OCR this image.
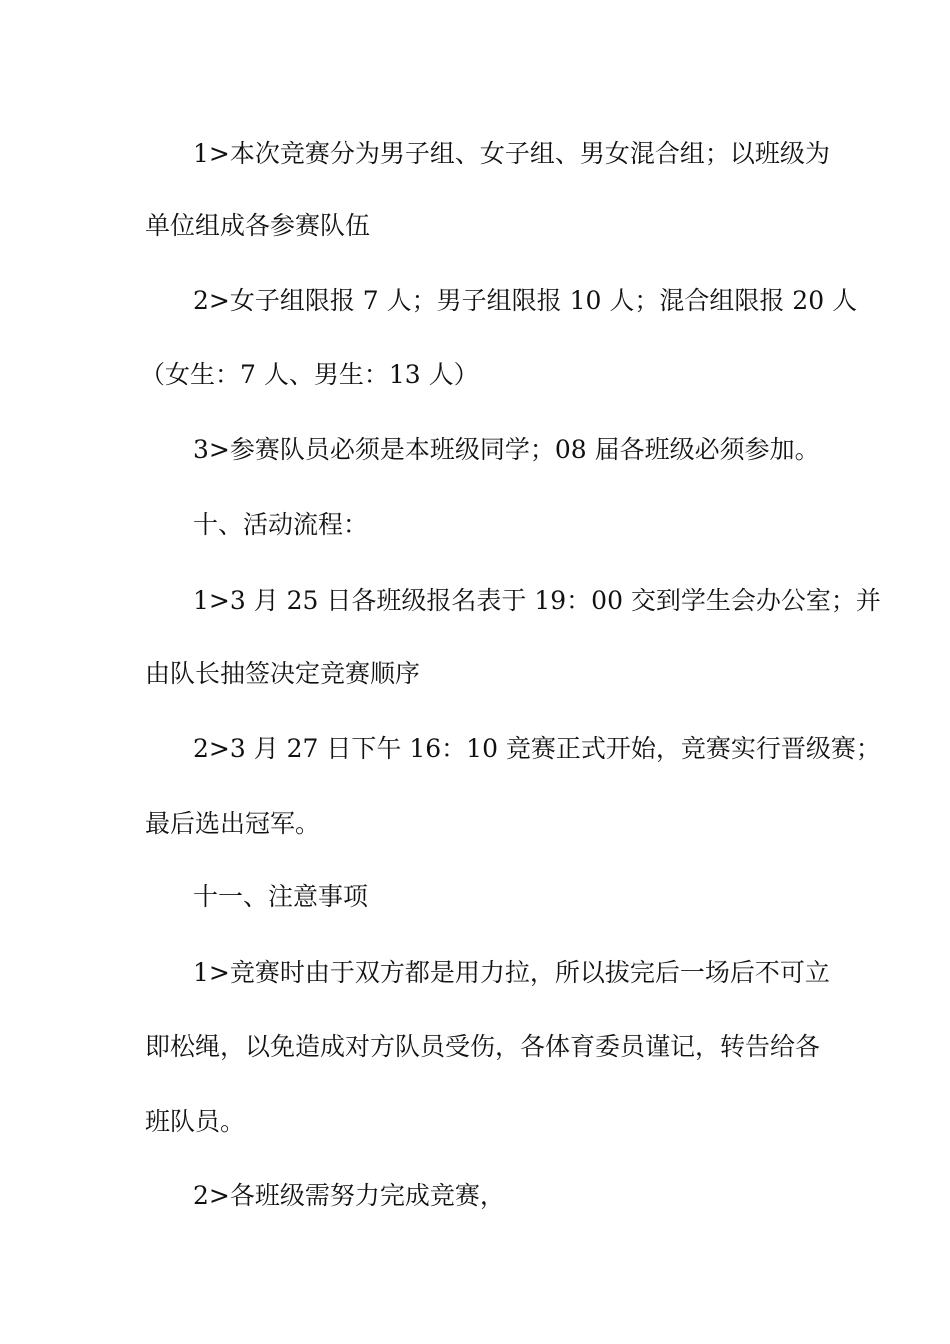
1>本次竞赛分为男子组、女子组、男女混合组；以班级为
单位组成各参赛队伍
2>女子组限报 7 人；男子组限报 10 人；混合组限报 20 人
（女生：7 人、男生：13 人）
3>参赛队员必须是本班级同学；08 届各班级必须参加。
十、活动流程：
1>3 月 25 日各班级报名表于 19：00 交到学生会办公室；并
由队长抽签决定竞赛顺序
2>3 月 27 日下午 16：10 竞赛正式开始，竞赛实行晋级赛；
最后选出冠军。
十一、注意事项
1>竞赛时由于双方都是用力拉，所以拔完后一场后不可立
即松绳，以免造成对方队员受伤，各体育委员谨记，转告给各
班队员。
2>各班级需努力完成竞赛，
